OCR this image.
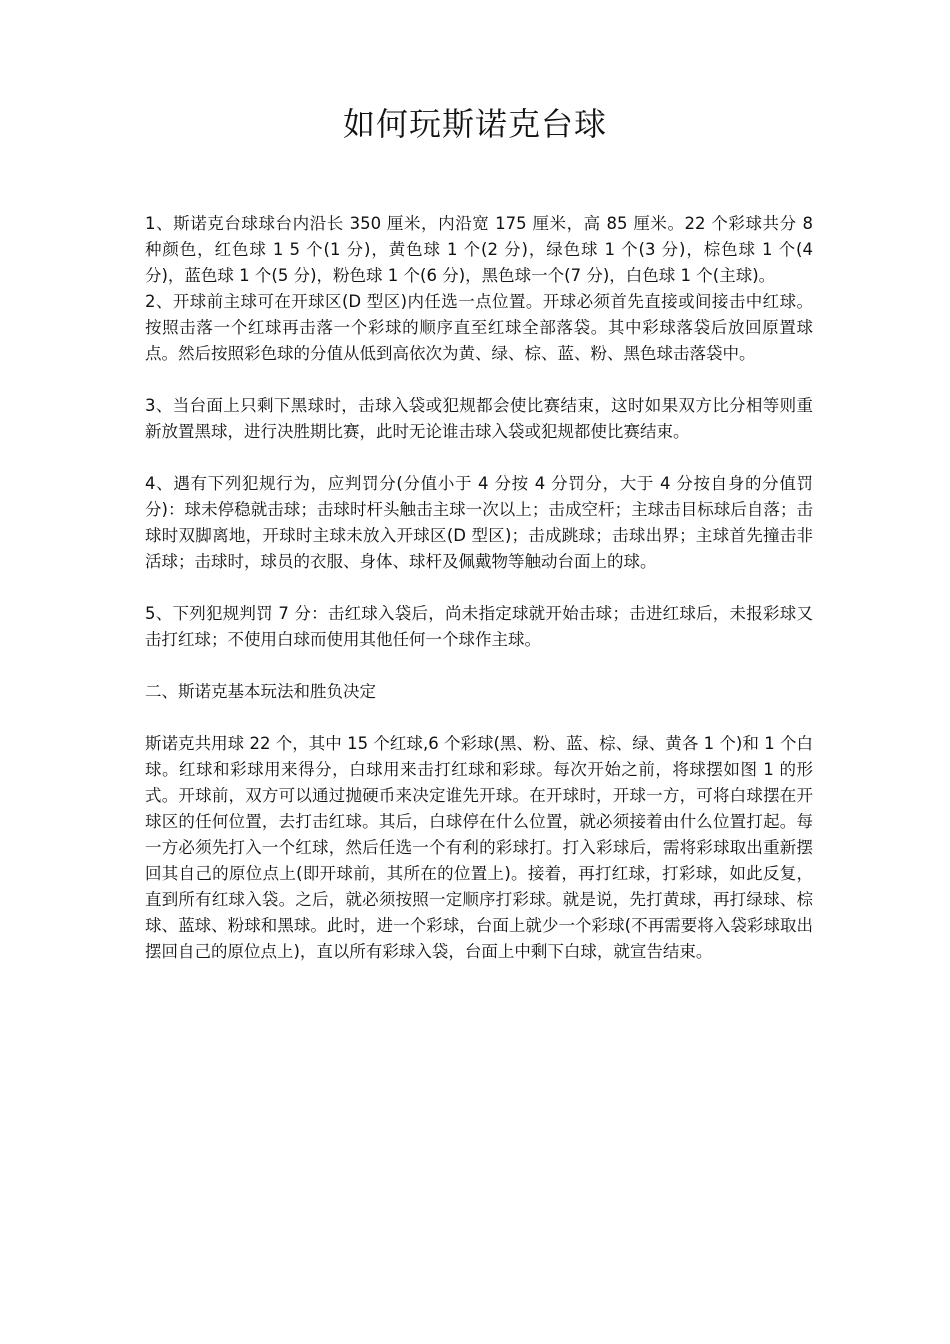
如何玩斯诺克台球

1、斯诺克台球球台内沿长 350 厘米，内沿宽 175 厘米，高 85 厘米。22 个彩球共分 8 种颜色，红色球 1 5 个(1 分)，黄色球 1 个(2 分)，绿色球 1 个(3 分)，棕色球 1 个(4 分)，蓝色球 1 个(5 分)，粉色球 1 个(6 分)，黑色球一个(7 分)，白色球 1 个(主球)。

2、开球前主球可在开球区(D 型区)内任选一点位置。开球必须首先直接或间接击中红球。按照击落一个红球再击落一个彩球的顺序直至红球全部落袋。其中彩球落袋后放回原置球点。然后按照彩色球的分值从低到高依次为黄、绿、棕、蓝、粉、黑色球击落袋中。

3、当台面上只剩下黑球时，击球入袋或犯规都会使比赛结束，这时如果双方比分相等则重新放置黑球，进行决胜期比赛，此时无论谁击球入袋或犯规都使比赛结束。

4、遇有下列犯规行为，应判罚分(分值小于 4 分按 4 分罚分，大于 4 分按自身的分值罚分)：球未停稳就击球；击球时杆头触击主球一次以上；击成空杆；主球击目标球后自落；击球时双脚离地，开球时主球未放入开球区(D 型区)；击成跳球；击球出界；主球首先撞击非活球；击球时，球员的衣服、身体、球杆及佩戴物等触动台面上的球。

5、下列犯规判罚 7 分：击红球入袋后，尚未指定球就开始击球；击进红球后，未报彩球又击打红球；不使用白球而使用其他任何一个球作主球。

二、斯诺克基本玩法和胜负决定

斯诺克共用球 22 个，其中 15 个红球,6 个彩球(黑、粉、蓝、棕、绿、黄各 1 个)和 1 个白球。红球和彩球用来得分，白球用来击打红球和彩球。每次开始之前，将球摆如图 1 的形式。开球前，双方可以通过抛硬币来决定谁先开球。在开球时，开球一方，可将白球摆在开球区的任何位置，去打击红球。其后，白球停在什么位置，就必须接着由什么位置打起。每一方必须先打入一个红球，然后任选一个有利的彩球打。打入彩球后，需将彩球取出重新摆回其自己的原位点上(即开球前，其所在的位置上)。接着，再打红球，打彩球，如此反复，直到所有红球入袋。之后，就必须按照一定顺序打彩球。就是说，先打黄球，再打绿球、棕球、蓝球、粉球和黑球。此时，进一个彩球，台面上就少一个彩球(不再需要将入袋彩球取出摆回自己的原位点上)，直以所有彩球入袋，台面上中剩下白球，就宣告结束。
